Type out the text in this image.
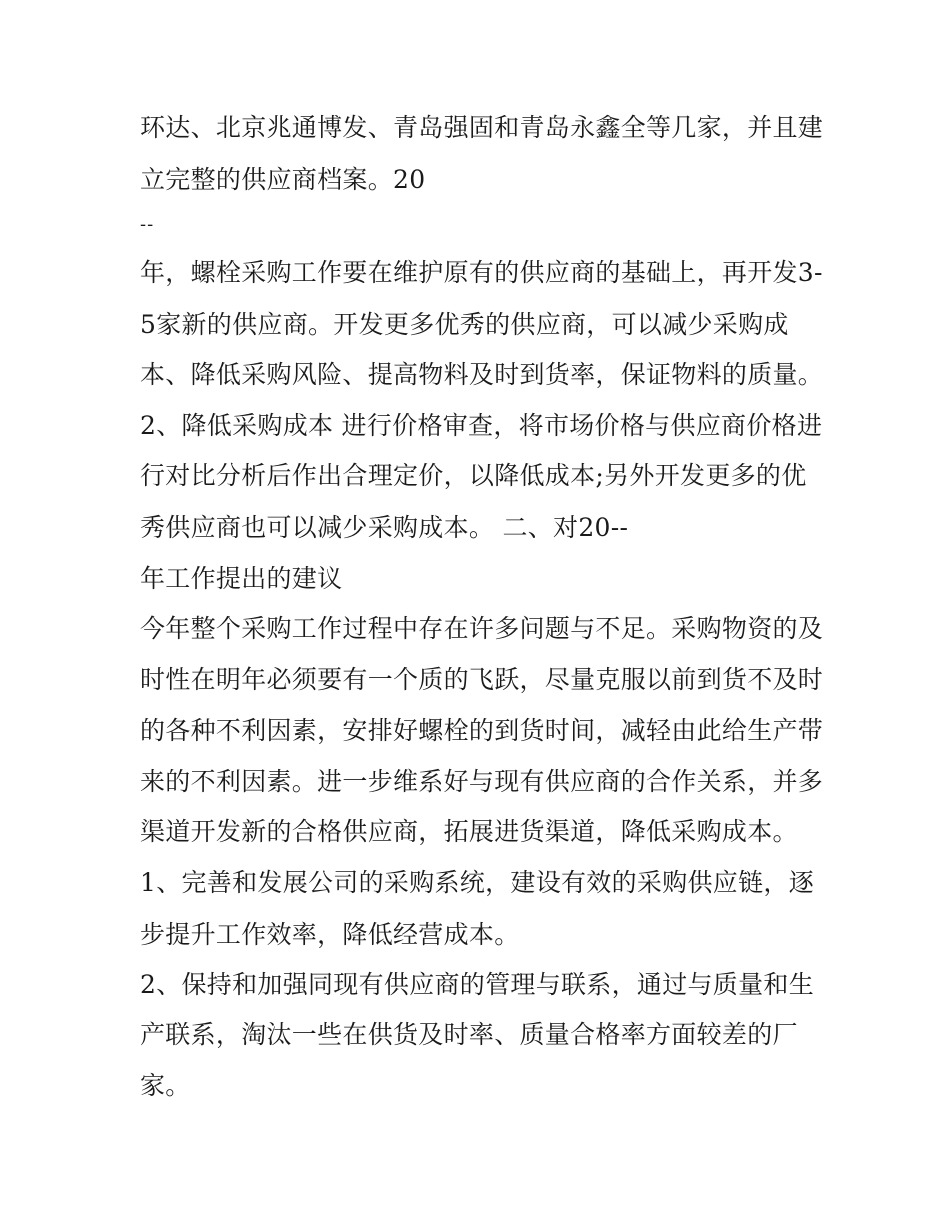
环达、北京兆通博发、青岛强固和青岛永鑫全等几家，并且建
立完整的供应商档案。20
--
年，螺栓采购工作要在维护原有的供应商的基础上，再开发3-
5家新的供应商。开发更多优秀的供应商，可以减少采购成
本、降低采购风险、提高物料及时到货率，保证物料的质量。
2、降低采购成本 进行价格审查，将市场价格与供应商价格进
行对比分析后作出合理定价，以降低成本;另外开发更多的优
秀供应商也可以减少采购成本。 二、对20--
年工作提出的建议
今年整个采购工作过程中存在许多问题与不足。采购物资的及
时性在明年必须要有一个质的飞跃，尽量克服以前到货不及时
的各种不利因素，安排好螺栓的到货时间，减轻由此给生产带
来的不利因素。进一步维系好与现有供应商的合作关系，并多
渠道开发新的合格供应商，拓展进货渠道，降低采购成本。
1、完善和发展公司的采购系统，建设有效的采购供应链，逐
步提升工作效率，降低经营成本。
2、保持和加强同现有供应商的管理与联系，通过与质量和生
产联系，淘汰一些在供货及时率、质量合格率方面较差的厂
家。
